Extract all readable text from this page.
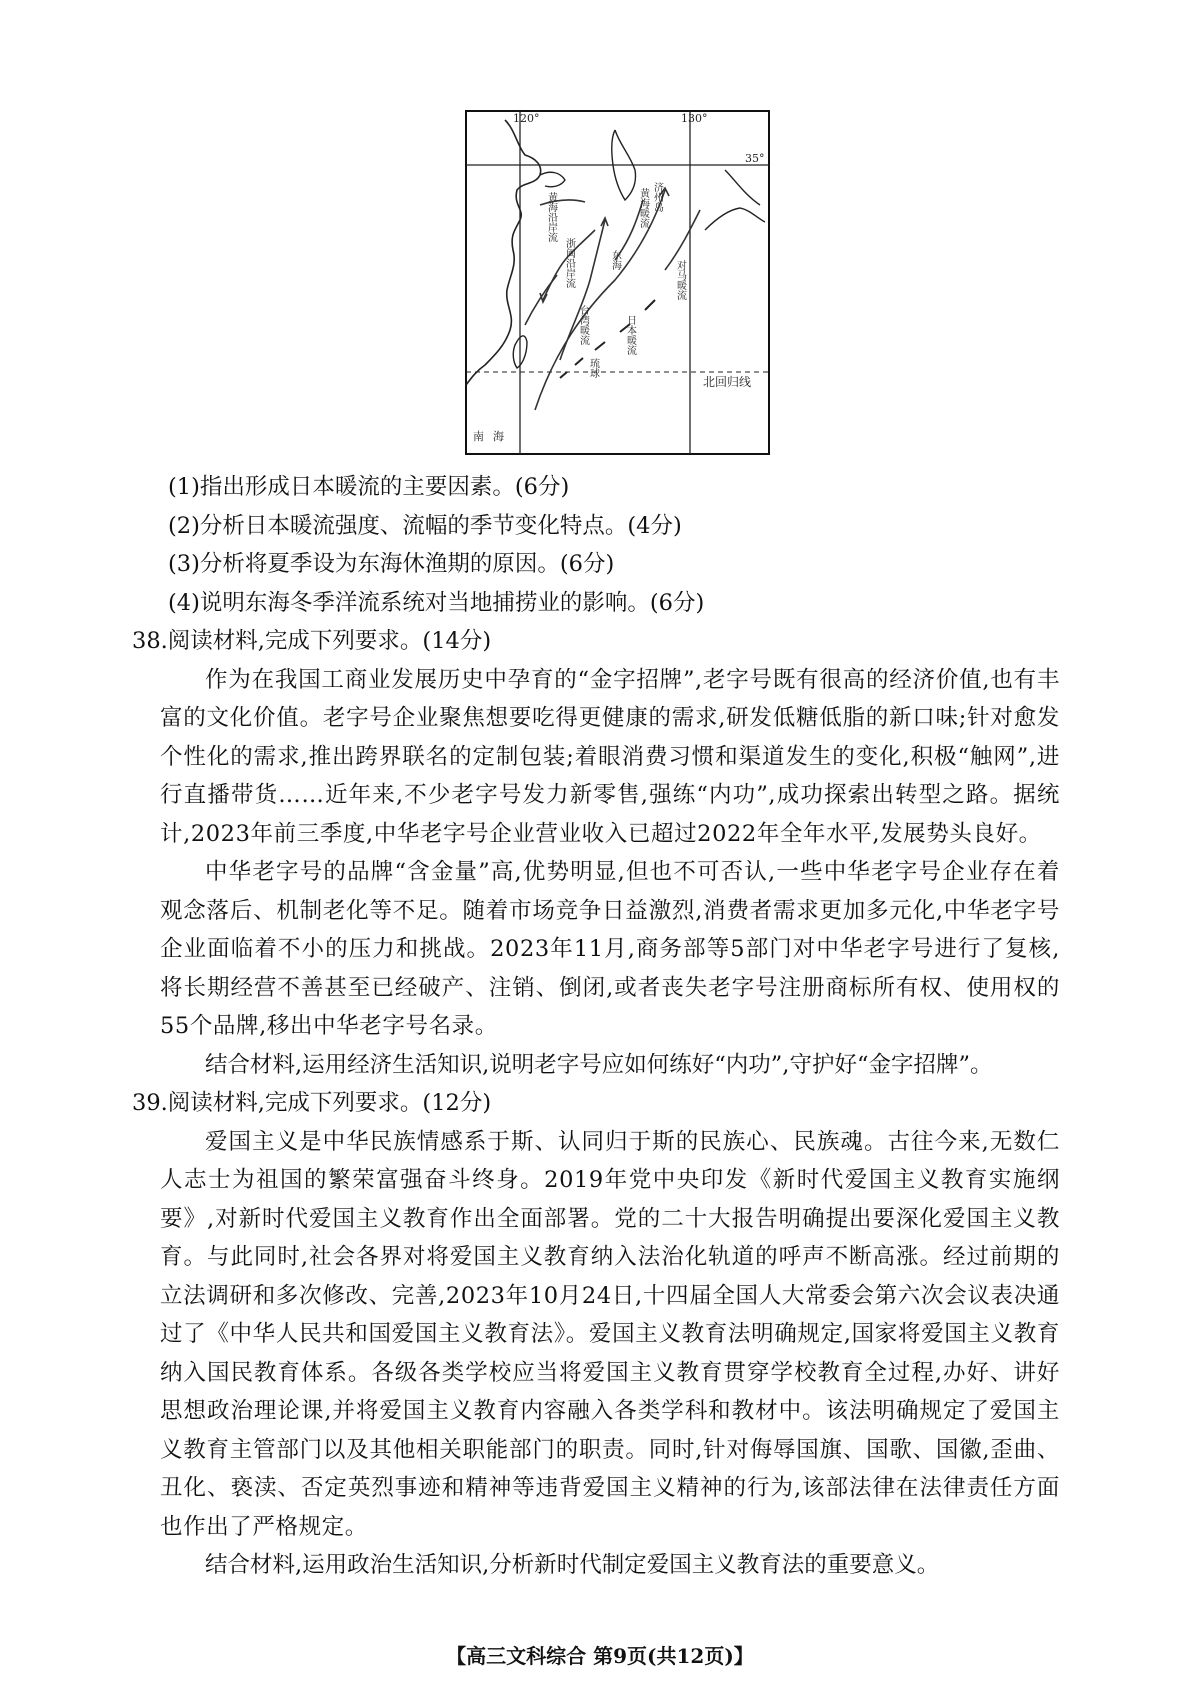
120°	130°
35°
北回归线
南 海
黄海沿岸流	黄海暖流
浙闽沿岸流
台湾暖流	日本暖流
对马暖流
济州岛
琉球
东海

(1)指出形成日本暖流的主要因素。(6分)

(2)分析日本暖流强度、流幅的季节变化特点。(4分)

(3)分析将夏季设为东海休渔期的原因。(6分)

(4)说明东海冬季洋流系统对当地捕捞业的影响。(6分)

38.阅读材料,完成下列要求。(14分)

作为在我国工商业发展历史中孕育的“金字招牌”,老字号既有很高的经济价值,也有丰富的文化价值。老字号企业聚焦想要吃得更健康的需求,研发低糖低脂的新口味;针对愈发个性化的需求,推出跨界联名的定制包装;着眼消费习惯和渠道发生的变化,积极“触网”,进行直播带货……近年来,不少老字号发力新零售,强练“内功”,成功探索出转型之路。据统计,2023年前三季度,中华老字号企业营业收入已超过2022年全年水平,发展势头良好。

中华老字号的品牌“含金量”高,优势明显,但也不可否认,一些中华老字号企业存在着观念落后、机制老化等不足。随着市场竞争日益激烈,消费者需求更加多元化,中华老字号企业面临着不小的压力和挑战。2023年11月,商务部等5部门对中华老字号进行了复核,将长期经营不善甚至已经破产、注销、倒闭,或者丧失老字号注册商标所有权、使用权的55个品牌,移出中华老字号名录。

结合材料,运用经济生活知识,说明老字号应如何练好“内功”,守护好“金字招牌”。

39.阅读材料,完成下列要求。(12分)

爱国主义是中华民族情感系于斯、认同归于斯的民族心、民族魂。古往今来,无数仁人志士为祖国的繁荣富强奋斗终身。2019年党中央印发《新时代爱国主义教育实施纲要》,对新时代爱国主义教育作出全面部署。党的二十大报告明确提出要深化爱国主义教育。与此同时,社会各界对将爱国主义教育纳入法治化轨道的呼声不断高涨。经过前期的立法调研和多次修改、完善,2023年10月24日,十四届全国人大常委会第六次会议表决通过了《中华人民共和国爱国主义教育法》。爱国主义教育法明确规定,国家将爱国主义教育纳入国民教育体系。各级各类学校应当将爱国主义教育贯穿学校教育全过程,办好、讲好思想政治理论课,并将爱国主义教育内容融入各类学科和教材中。该法明确规定了爱国主义教育主管部门以及其他相关职能部门的职责。同时,针对侮辱国旗、国歌、国徽,歪曲、丑化、亵渎、否定英烈事迹和精神等违背爱国主义精神的行为,该部法律在法律责任方面也作出了严格规定。

结合材料,运用政治生活知识,分析新时代制定爱国主义教育法的重要意义。

【高三文科综合 第9页(共12页)】
